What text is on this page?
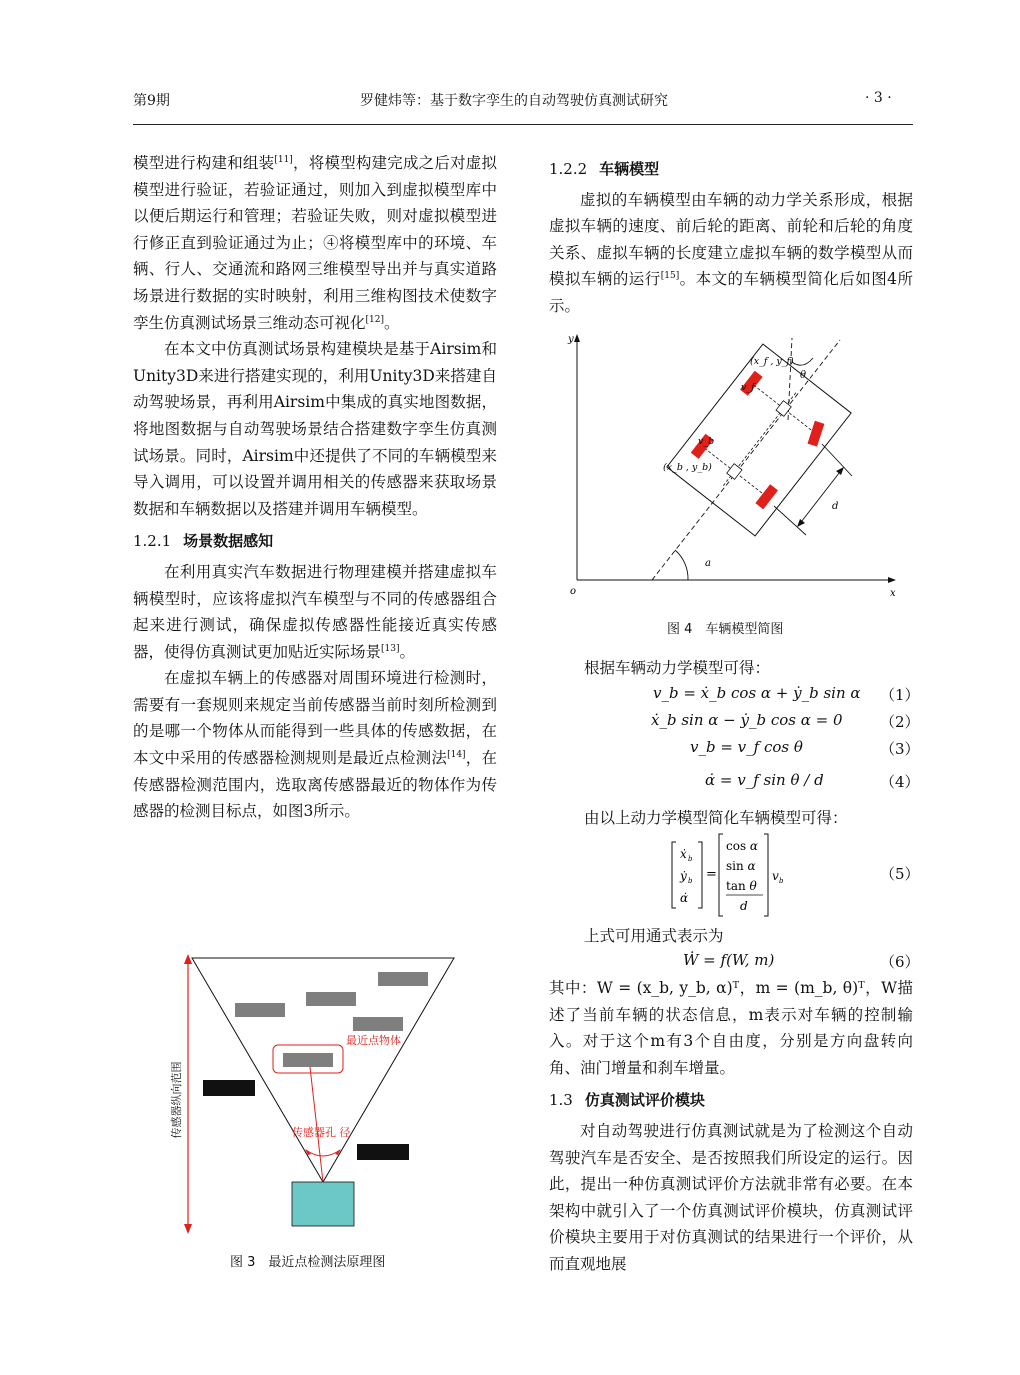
第9期	罗健炜等：基于数字孪生的自动驾驶仿真测试研究	· 3 ·

模型进行构建和组装[11]，将模型构建完成之后对虚拟模型进行验证，若验证通过，则加入到虚拟模型库中以便后期运行和管理；若验证失败，则对虚拟模型进行修正直到验证通过为止；④将模型库中的环境、车辆、行人、交通流和路网三维模型导出并与真实道路场景进行数据的实时映射，利用三维构图技术使数字孪生仿真测试场景三维动态可视化[12]。

在本文中仿真测试场景构建模块是基于Airsim和Unity3D来进行搭建实现的，利用Unity3D来搭建自动驾驶场景，再利用Airsim中集成的真实地图数据，将地图数据与自动驾驶场景结合搭建数字孪生仿真测试场景。同时，Airsim中还提供了不同的车辆模型来导入调用，可以设置并调用相关的传感器来获取场景数据和车辆数据以及搭建并调用车辆模型。

1.2.1 场景数据感知

在利用真实汽车数据进行物理建模并搭建虚拟车辆模型时，应该将虚拟汽车模型与不同的传感器组合起来进行测试，确保虚拟传感器性能接近真实传感器，使得仿真测试更加贴近实际场景[13]。

在虚拟车辆上的传感器对周围环境进行检测时，需要有一套规则来规定当前传感器当前时刻所检测到的是哪一个物体从而能得到一些具体的传感数据，在本文中采用的传感器检测规则是最近点检测法[14]，在传感器检测范围内，选取离传感器最近的物体作为传感器的检测目标点，如图3所示。

传感器纵向范围
最近点物体
传感器孔 径
图 3　最近点检测法原理图

1.2.2 车辆模型

虚拟的车辆模型由车辆的动力学关系形成，根据虚拟车辆的速度、前后轮的距离、前轮和后轮的角度关系、虚拟车辆的长度建立虚拟车辆的数学模型从而模拟车辆的运行[15]。本文的车辆模型简化后如图4所示。

y
x
o
a
θ
d
(x_f , y_f)
v_f
v_b
(x_b , y_b)
图 4　车辆模型简图
根据车辆动力学模型可得：
v_b = ẋ_b cos α + ẏ_b sin α （1）
ẋ_b sin α − ẏ_b cos α = 0 （2）
v_b = v_f cos θ	（3）
α̇ = v_f sin θ / d	（4）
由以上动力学模型简化车辆模型可得：
ẋ b
ẏ b
α̇
=
cos α
sin α
tan θ
d
v b	（5）
上式可用通式表示为
Ẇ = f(W, m)	（6）

其中：W = (x_b, y_b, α)ᵀ，m = (m_b, θ)ᵀ，W描述了当前车辆的状态信息，m表示对车辆的控制输入。对于这个m有3个自由度，分别是方向盘转向角、油门增量和刹车增量。

1.3 仿真测试评价模块

对自动驾驶进行仿真测试就是为了检测这个自动驾驶汽车是否安全、是否按照我们所设定的运行。因此，提出一种仿真测试评价方法就非常有必要。在本架构中就引入了一个仿真测试评价模块，仿真测试评价模块主要用于对仿真测试的结果进行一个评价，从而直观地展
